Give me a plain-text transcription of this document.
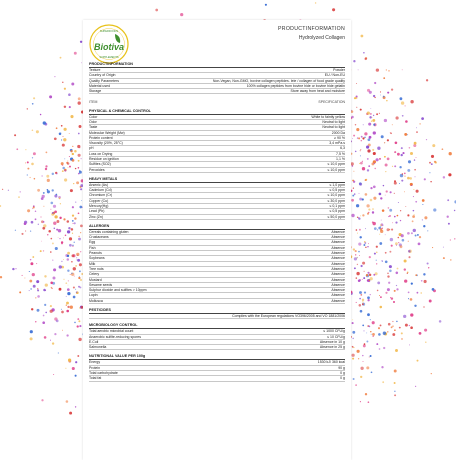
Biotiva
SUPERFOODS
SUPPLEMENTS
PRODUCTINFORMATION
Hydrolyzed Collagen
PRODUCTINFORMATION
Texture	Powder
Country of Origin	EU / Non-EU
Quality Parameters	Non-Vegan, Non-GMO, bovine collagen peptides. Ieie / collagen of food grade quality
Material used	100% collagen peptides from bovine hide or bovine hide gelatin
Storage	Store away from heat and moisture
ITEM	SPECIFICATION
PHYSICAL & CHEMICAL CONTROL
Color	White to faintly yellow
Odor	Neutral to light
Taste	Neutral to light
Molecular Weight (Mw)	2000 Da
Protein content	≥ 90 %
Viscosity (20%, 25°C)	3,4 mPa.s
pH	6,3
Loss on Drying	7,5 %
Residue on ignition	1,1 %
Sulfites (SO2)	≤ 10,0 ppm
Peroxides	≤ 10,0 ppm
HEAVY METALS
Arsenic (As)	≤ 1,0 ppm
Cadmium (Cd)	≤ 0,5 ppm
Chromium (Cr)	≤ 10,0 ppm
Copper (Cu)	≤ 30,0 ppm
Mercury(Hg)	≤ 0,1 ppm
Lead (Pb)	≤ 0,5 ppm
Zinc (Zn)	≤ 50,0 ppm
ALLERGEN
Cereals containing gluten	Absence
Crustaceans	Absence
Egg	Absence
Fish	Absence
Peanuts	Absence
Soybeans	Absence
Milk	Absence
Tree nuts	Absence
Celery	Absence
Mustard	Absence
Sesame seeds	Absence
Sulphur dioxide and sulfites > 10ppm	Absence
Lupin	Absence
Mollusca	Absence
PESTICIDES
Complies with the European regulations VO396/2005 and VO 1881/2006
MICROBIOLOGY CONTROL
Total aerobic microbial count	≤ 1000 CFU/g
Anaerobic sulfite-reducing spores	≤ 10 CFU/g
E.Coli	Absence in 10 g
Salmonella	Absence in 25 g
NUTRITIONAL VALUE PER 100g
Energy	1530 kJ/ 360 kcal
Protein	90 g
Total carbohydrate	0 g
Total fat	0 g
